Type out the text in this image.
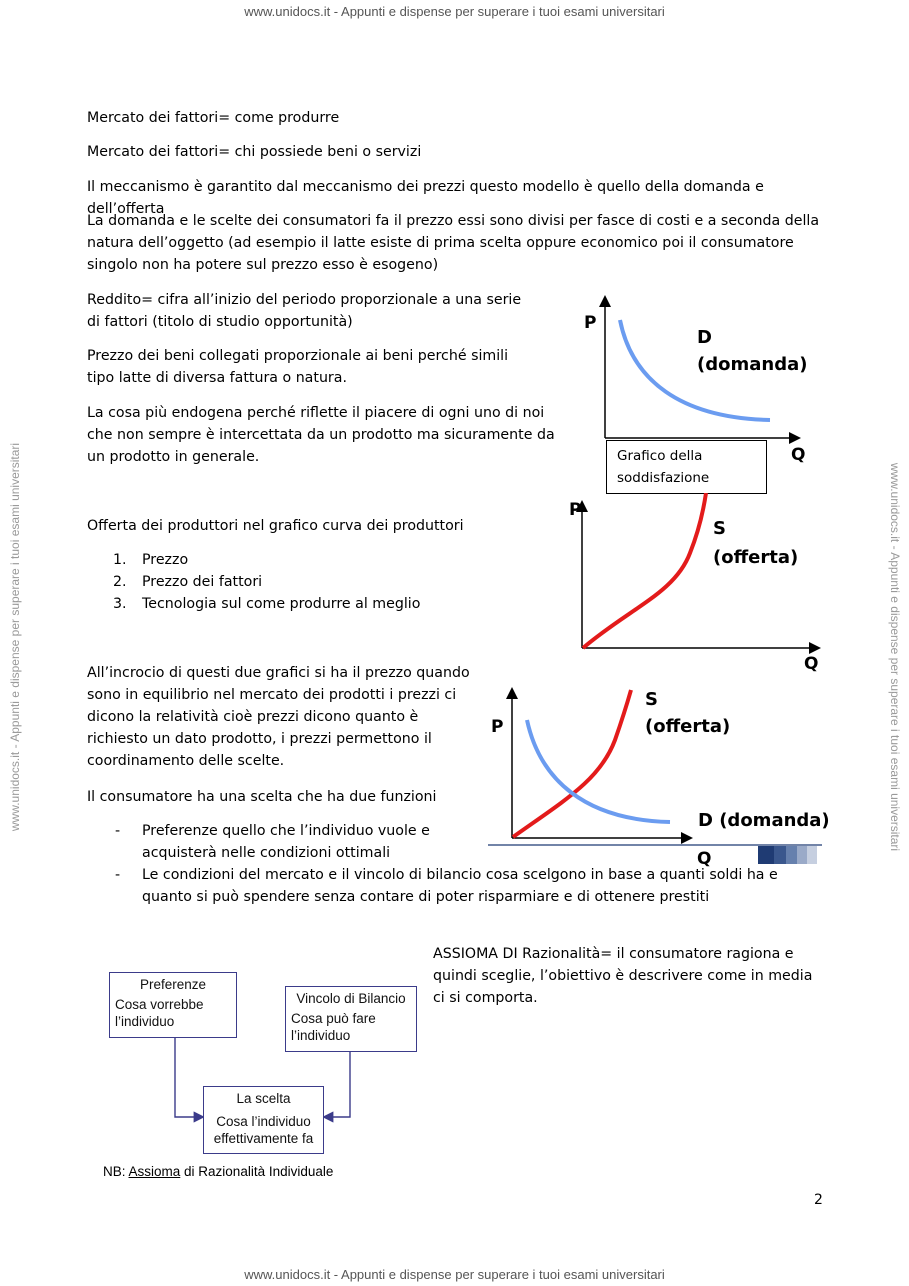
www.unidocs.it - Appunti e dispense per superare i tuoi esami universitari
www.unidocs.it - Appunti e dispense per superare i tuoi esami universitari
www.unidocs.it - Appunti e dispense per superare i tuoi esami universitari	www.unidocs.it - Appunti e dispense per superare i tuoi esami universitari

Mercato dei fattori= come produrre

Mercato dei fattori= chi possiede beni o servizi

Il meccanismo è garantito dal meccanismo dei prezzi questo modello è quello della domanda e dell’offerta

La domanda e le scelte dei consumatori fa il prezzo essi sono divisi per fasce di costi e a seconda della natura dell’oggetto (ad esempio il latte esiste di prima scelta oppure economico poi il consumatore singolo non ha potere sul prezzo esso è esogeno)

Reddito= cifra all’inizio del periodo proporzionale a una serie di fattori (titolo di studio opportunità)

Prezzo dei beni collegati proporzionale ai beni perché simili tipo latte di diversa fattura o natura.

La cosa più endogena perché riflette il piacere di ogni uno di noi che non sempre è intercettata da un prodotto ma sicuramente da un prodotto in generale.

Offerta dei produttori nel grafico curva dei produttori

1.	Prezzo
2.	Prezzo dei fattori
3.	Tecnologia sul come produrre al meglio

All’incrocio di questi due grafici si ha il prezzo quando sono in equilibrio nel mercato dei prodotti i prezzi ci dicono la relatività cioè prezzi dicono quanto è richiesto un dato prodotto, i prezzi permettono il coordinamento delle scelte.

Il consumatore ha una scelta che ha due funzioni

- Preferenze quello che l’individuo vuole e acquisterà nelle condizioni ottimali
- Le condizioni del mercato e il vincolo di bilancio cosa scelgono in base a quanti soldi ha e quanto si può spendere senza contare di poter risparmiare e di ottenere prestiti

ASSIOMA DI Razionalità= il consumatore ragiona e quindi sceglie, l’obiettivo è descrivere come in media ci si comporta.

P
Q
D
(domanda)
Grafico della soddisfazione
P
Q
S
(offerta)
P
Q
S
(offerta)
D (domanda)
Preferenze
Cosa vorrebbe l’individuo
Vincolo di Bilancio
Cosa può fare l’individuo
La scelta
Cosa l’individuo effettivamente fa
NB: Assioma di Razionalità Individuale
2
